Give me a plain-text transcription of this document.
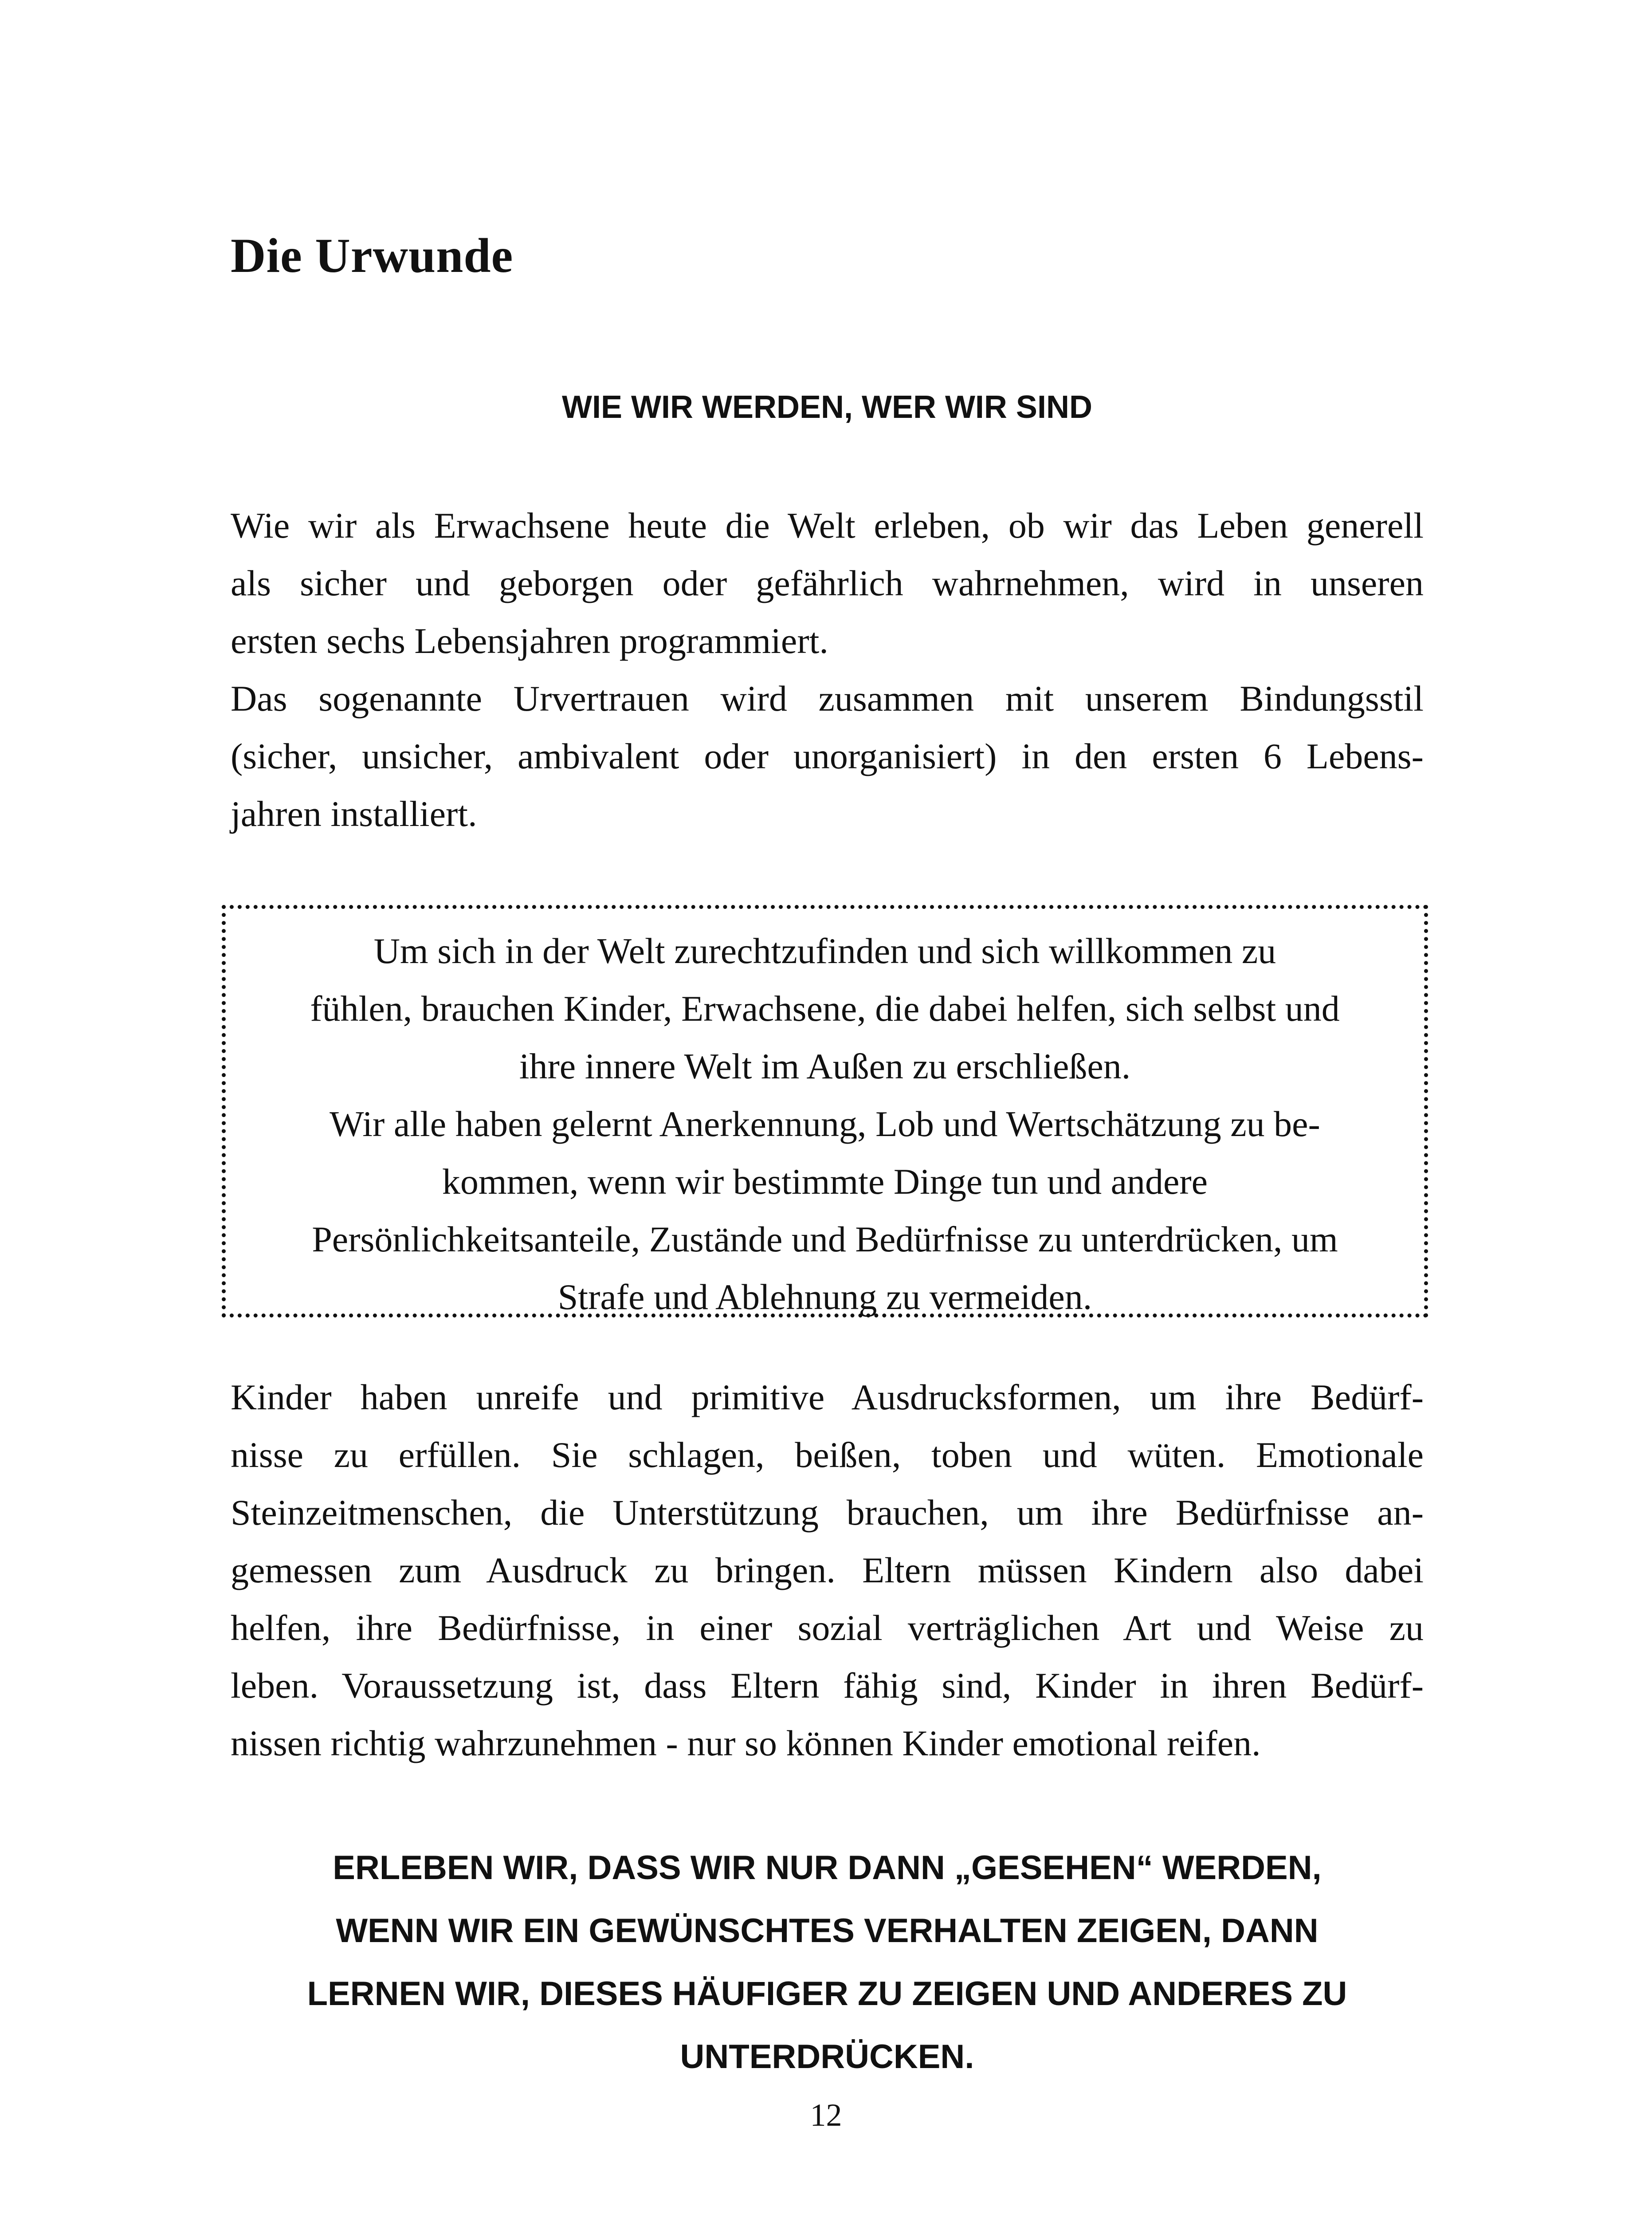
Die Urwunde
WIE WIR WERDEN, WER WIR SIND

Wie wir als Erwachsene heute die Welt erleben, ob wir das Leben generell

als sicher und geborgen oder gefährlich wahrnehmen, wird in unseren

ersten sechs Lebensjahren programmiert.

Das sogenannte Urvertrauen wird zusammen mit unserem Bindungsstil

(sicher, unsicher, ambivalent oder unorganisiert) in den ersten 6 Lebens-

jahren installiert.

Um sich in der Welt zurechtzufinden und sich willkommen zu

fühlen, brauchen Kinder, Erwachsene, die dabei helfen, sich selbst und

ihre innere Welt im Außen zu erschließen.

Wir alle haben gelernt Anerkennung, Lob und Wertschätzung zu be-

kommen, wenn wir bestimmte Dinge tun und andere

Persönlichkeitsanteile, Zustände und Bedürfnisse zu unterdrücken, um

Strafe und Ablehnung zu vermeiden.

Kinder haben unreife und primitive Ausdrucksformen, um ihre Bedürf-

nisse zu erfüllen. Sie schlagen, beißen, toben und wüten. Emotionale

Steinzeitmenschen, die Unterstützung brauchen, um ihre Bedürfnisse an-

gemessen zum Ausdruck zu bringen. Eltern müssen Kindern also dabei

helfen, ihre Bedürfnisse, in einer sozial verträglichen Art und Weise zu

leben. Voraussetzung ist, dass Eltern fähig sind, Kinder in ihren Bedürf-

nissen richtig wahrzunehmen - nur so können Kinder emotional reifen.

ERLEBEN WIR, DASS WIR NUR DANN „GESEHEN“ WERDEN,
WENN WIR EIN GEWÜNSCHTES VERHALTEN ZEIGEN, DANN
LERNEN WIR, DIESES HÄUFIGER ZU ZEIGEN UND ANDERES ZU
UNTERDRÜCKEN.
12
